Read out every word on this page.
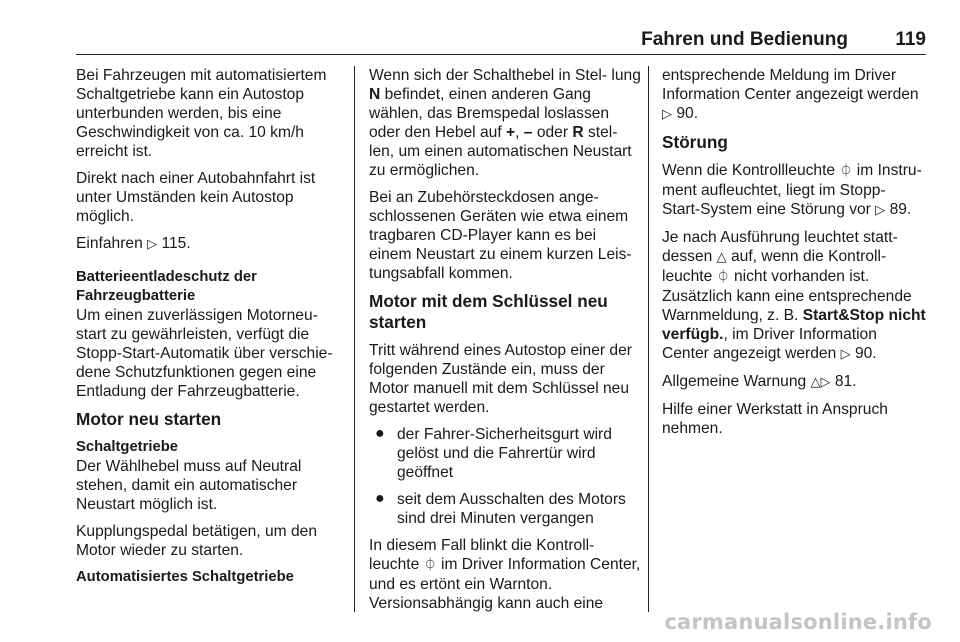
Fahren und Bedienung 119

Bei Fahrzeugen mit automatisiertem Schaltgetriebe kann ein Autostop unterbunden werden, bis eine Geschwindigkeit von ca. 10 km/h erreicht ist.

Direkt nach einer Autobahnfahrt ist unter Umständen kein Autostop möglich.

Einfahren ▷ 115.

Batterieentladeschutz der Fahrzeugbatterie

Um einen zuverlässigen Motorneu- start zu gewährleisten, verfügt die Stopp-Start-Automatik über verschie- dene Schutzfunktionen gegen eine Entladung der Fahrzeugbatterie.

Motor neu starten
Schaltgetriebe

Der Wählhebel muss auf Neutral stehen, damit ein automatischer Neustart möglich ist.

Kupplungspedal betätigen, um den Motor wieder zu starten.

Automatisiertes Schaltgetriebe

Wenn sich der Schalthebel in Stel- lung N befindet, einen anderen Gang wählen, das Bremspedal loslassen oder den Hebel auf +, – oder R stel- len, um einen automatischen Neustart zu ermöglichen.

Bei an Zubehörsteckdosen ange- schlossenen Geräten wie etwa einem tragbaren CD-Player kann es bei einem Neustart zu einem kurzen Leis- tungsabfall kommen.

Motor mit dem Schlüssel neu starten

Tritt während eines Autostop einer der folgenden Zustände ein, muss der Motor manuell mit dem Schlüssel neu gestartet werden.

● der Fahrer-Sicherheitsgurt wird gelöst und die Fahrertür wird geöffnet
● seit dem Ausschalten des Motors sind drei Minuten vergangen

In diesem Fall blinkt die Kontroll- leuchte ⏀ im Driver Information Center, und es ertönt ein Warnton. Versionsabhängig kann auch eine

entsprechende Meldung im Driver Information Center angezeigt werden ▷ 90.

Störung

Wenn die Kontrollleuchte ⏀ im Instru- ment aufleuchtet, liegt im Stopp- Start-System eine Störung vor ▷ 89.

Je nach Ausführung leuchtet statt- dessen △ auf, wenn die Kontroll- leuchte ⏀ nicht vorhanden ist.

Zusätzlich kann eine entsprechende Warnmeldung, z. B. Start&Stop nicht verfügb., im Driver Information Center angezeigt werden ▷ 90.

Allgemeine Warnung △▷ 81.

Hilfe einer Werkstatt in Anspruch nehmen.

carmanualsonline.info
